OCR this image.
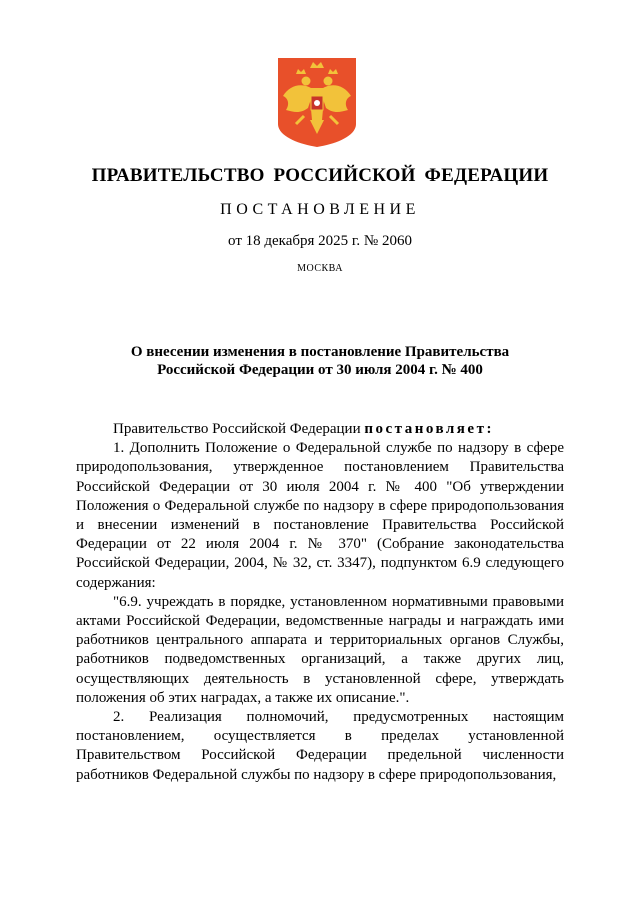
ПРАВИТЕЛЬСТВО РОССИЙСКОЙ ФЕДЕРАЦИИ
ПОСТАНОВЛЕНИЕ
от 18 декабря 2025 г. № 2060
МОСКВА
О внесении изменения в постановление Правительства
Российской Федерации от 30 июля 2004 г. № 400

Правительство Российской Федерации постановляет:

1. Дополнить Положение о Федеральной службе по надзору в сфере природопользования, утвержденное постановлением Правительства Российской Федерации от 30 июля 2004 г. № 400 "Об утверждении Положения о Федеральной службе по надзору в сфере природопользования и внесении изменений в постановление Правительства Российской Федерации от 22 июля 2004 г. № 370" (Собрание законодательства Российской Федерации, 2004, № 32, ст. 3347), подпунктом 6.9 следующего содержания:

"6.9. учреждать в порядке, установленном нормативными правовыми актами Российской Федерации, ведомственные награды и награждать ими работников центрального аппарата и территориальных органов Службы, работников подведомственных организаций, а также других лиц, осуществляющих деятельность в установленной сфере, утверждать положения об этих наградах, а также их описание.".

2. Реализация полномочий, предусмотренных настоящим постановлением, осуществляется в пределах установленной Правительством Российской Федерации предельной численности работников Федеральной службы по надзору в сфере природопользования,
